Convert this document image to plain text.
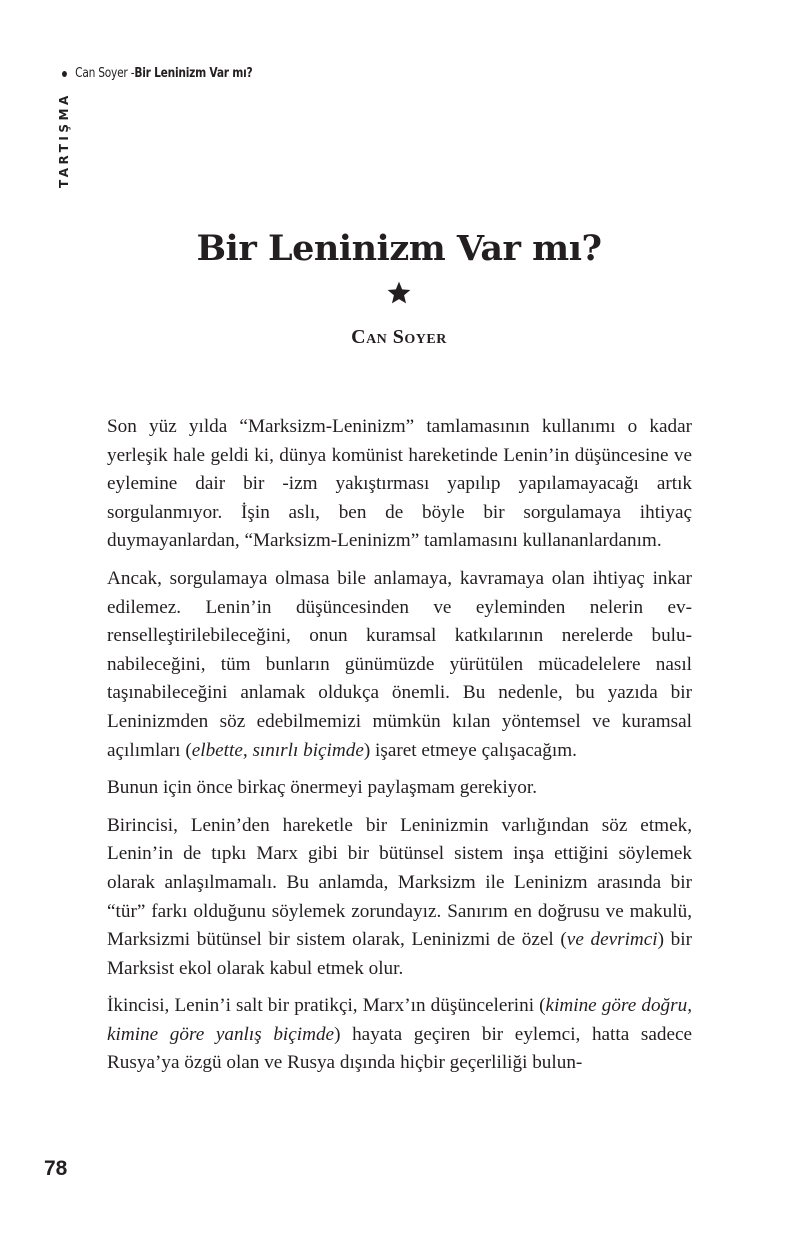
Can Soyer - Bir Leninizm Var mı?
TARTIŞMA
Bir Leninizm Var mı?
Can Soyer

Son yüz yılda “Marksizm-Leninizm” tamlamasının kullanımı o kadar yerleşik hale geldi ki, dünya komünist hareketinde Lenin’in düşüncesine ve eylemine dair bir -izm yakıştırması yapılıp yapılamayacağı artık sorgulanmıyor. İşin aslı, ben de böyle bir sorgulamaya ihtiyaç duymayanlardan, “Marksizm-Leninizm” tamlamasını kullananlardanım.

Ancak, sorgulamaya olmasa bile anlamaya, kavramaya olan ihtiyaç inkar edilemez. Lenin’in düşüncesinden ve eyleminden nelerin evrenselleştirilebileceğini, onun kuramsal katkılarının nerelerde bulunabileceğini, tüm bunların günümüzde yürütülen mücadelelere nasıl taşınabileceğini anlamak oldukça önemli. Bu nedenle, bu yazıda bir Leninizmden söz edebilmemizi mümkün kılan yöntemsel ve kuramsal açılımları (elbette, sınırlı biçimde) işaret etmeye çalışacağım.

Bunun için önce birkaç önermeyi paylaşmam gerekiyor.

Birincisi, Lenin’den hareketle bir Leninizmin varlığından söz etmek, Lenin’in de tıpkı Marx gibi bir bütünsel sistem inşa ettiğini söylemek olarak anlaşılmamalı. Bu anlamda, Marksizm ile Leninizm arasında bir “tür” farkı olduğunu söylemek zorundayız. Sanırım en doğrusu ve makulü, Marksizmi bütünsel bir sistem olarak, Leninizmi de özel (ve devrimci) bir Marksist ekol olarak kabul etmek olur.

İkincisi, Lenin’i salt bir pratikçi, Marx’ın düşüncelerini (kimine göre doğru, kimine göre yanlış biçimde) hayata geçiren bir eylemci, hatta sadece Rusya’ya özgü olan ve Rusya dışında hiçbir geçerliliği bulun-

78
